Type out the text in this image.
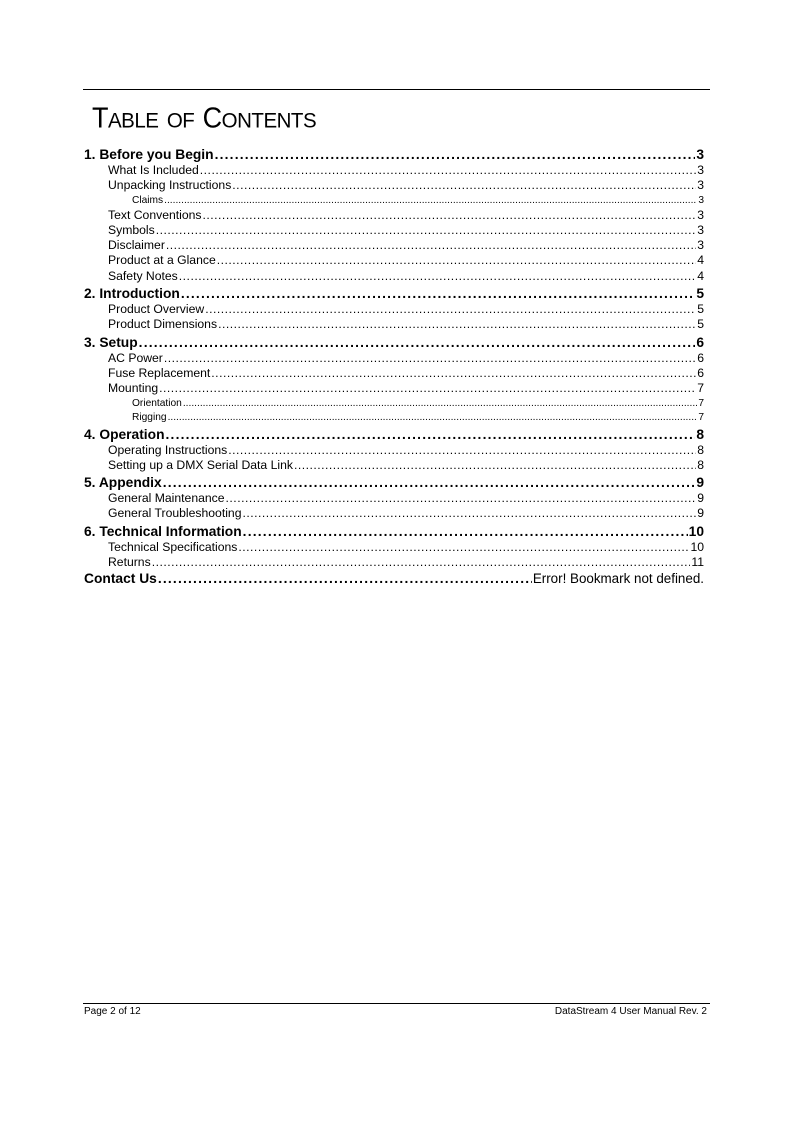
TABLE OF CONTENTS
1. Before you Begin .....	3
What Is Included .....	3
Unpacking Instructions .....	3
Claims .....	3
Text Conventions .....	3
Symbols .....	3
Disclaimer .....	3
Product at a Glance .....	4
Safety Notes .....	4
2. Introduction .....	5
Product Overview .....	5
Product Dimensions .....	5
3. Setup .....	6
AC Power .....	6
Fuse Replacement .....	6
Mounting .....	7
Orientation .....	7
Rigging .....	7
4. Operation .....	8
Operating Instructions .....	8
Setting up a DMX Serial Data Link .....	8
5. Appendix .....	9
General Maintenance .....	9
General Troubleshooting .....	9
6. Technical Information .....	10
Technical Specifications .....	10
Returns .....	11
Contact Us .....	Error! Bookmark not defined.
Page 2 of 12	DataStream 4 User Manual Rev. 2
